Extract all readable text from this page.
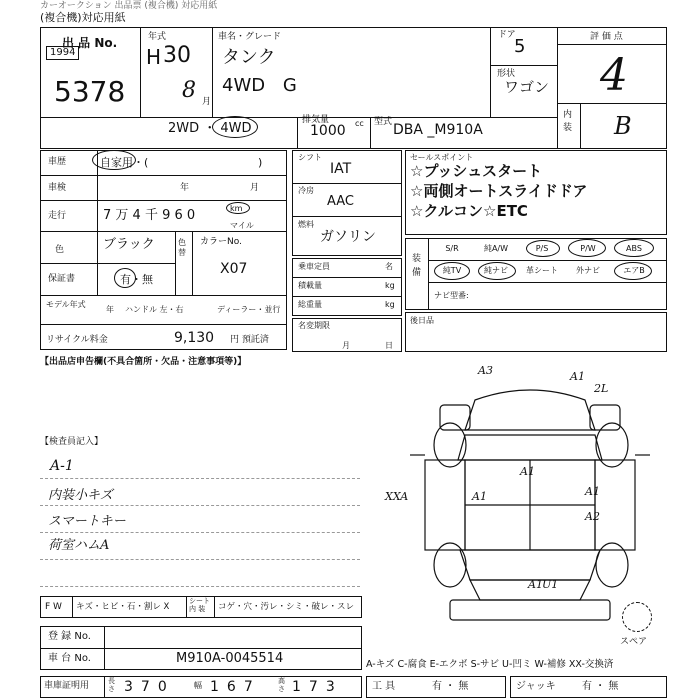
カーオークション 出品票 (複合機) 対応用紙
(複合機)対応用紙
出 品 No.
1994
5378
年式
H 30
8 月
車名・グレード
タンク
4WD G
ドア
5
形状
ワゴン
評 価 点
4
内装 B
2WD ・ 4WD
排気量
1000 cc 型式 DBA _M910A
車歴	自家用・(	)
車検	年	月
走行	7 万 4 千 9 6 0	km
マイル
色	ブラック	色替
カラーNo.
X07
保証書	有・無
モデル年式
年 ハンドル 左・右	ディーラー・並行
リサイクル料金	9,130 円 預託済
シフト
IAT
冷房
AAC
燃料
ガソリン
乗車定員	名
積載量	kg
総重量	kg
名変期限
月	日
セールスポイント
☆プッシュスタート
☆両側オートスライドドア
☆クルコン☆ETC
装備
S/R	純A/W	P/S	P/W	ABS
純TV	純ナビ	革シート	外ナビ	エアB
ナビ型番:
後日品
【出品店申告欄(不具合箇所・欠品・注意事項等)】
【検査員記入】
A-1
内装小キズ
スマートキー
荷室ハムA
A3	A1
2L
A1
A1	A1
A2
A1 U1
XXA
スペア
F W キズ・ヒビ・石・割レ X
シート 内 装	コゲ・穴・汚レ・シミ・破レ・スレ
登 録 No.
車 台 No.	M910A-0045514	A-キズ C-腐食 E-エクボ S-サビ U-凹ミ W-補修 XX-交換済
車庫証明用	長さ 370 幅 167 高さ 173	工 具	有 ・ 無	ジャッキ	有 ・ 無
